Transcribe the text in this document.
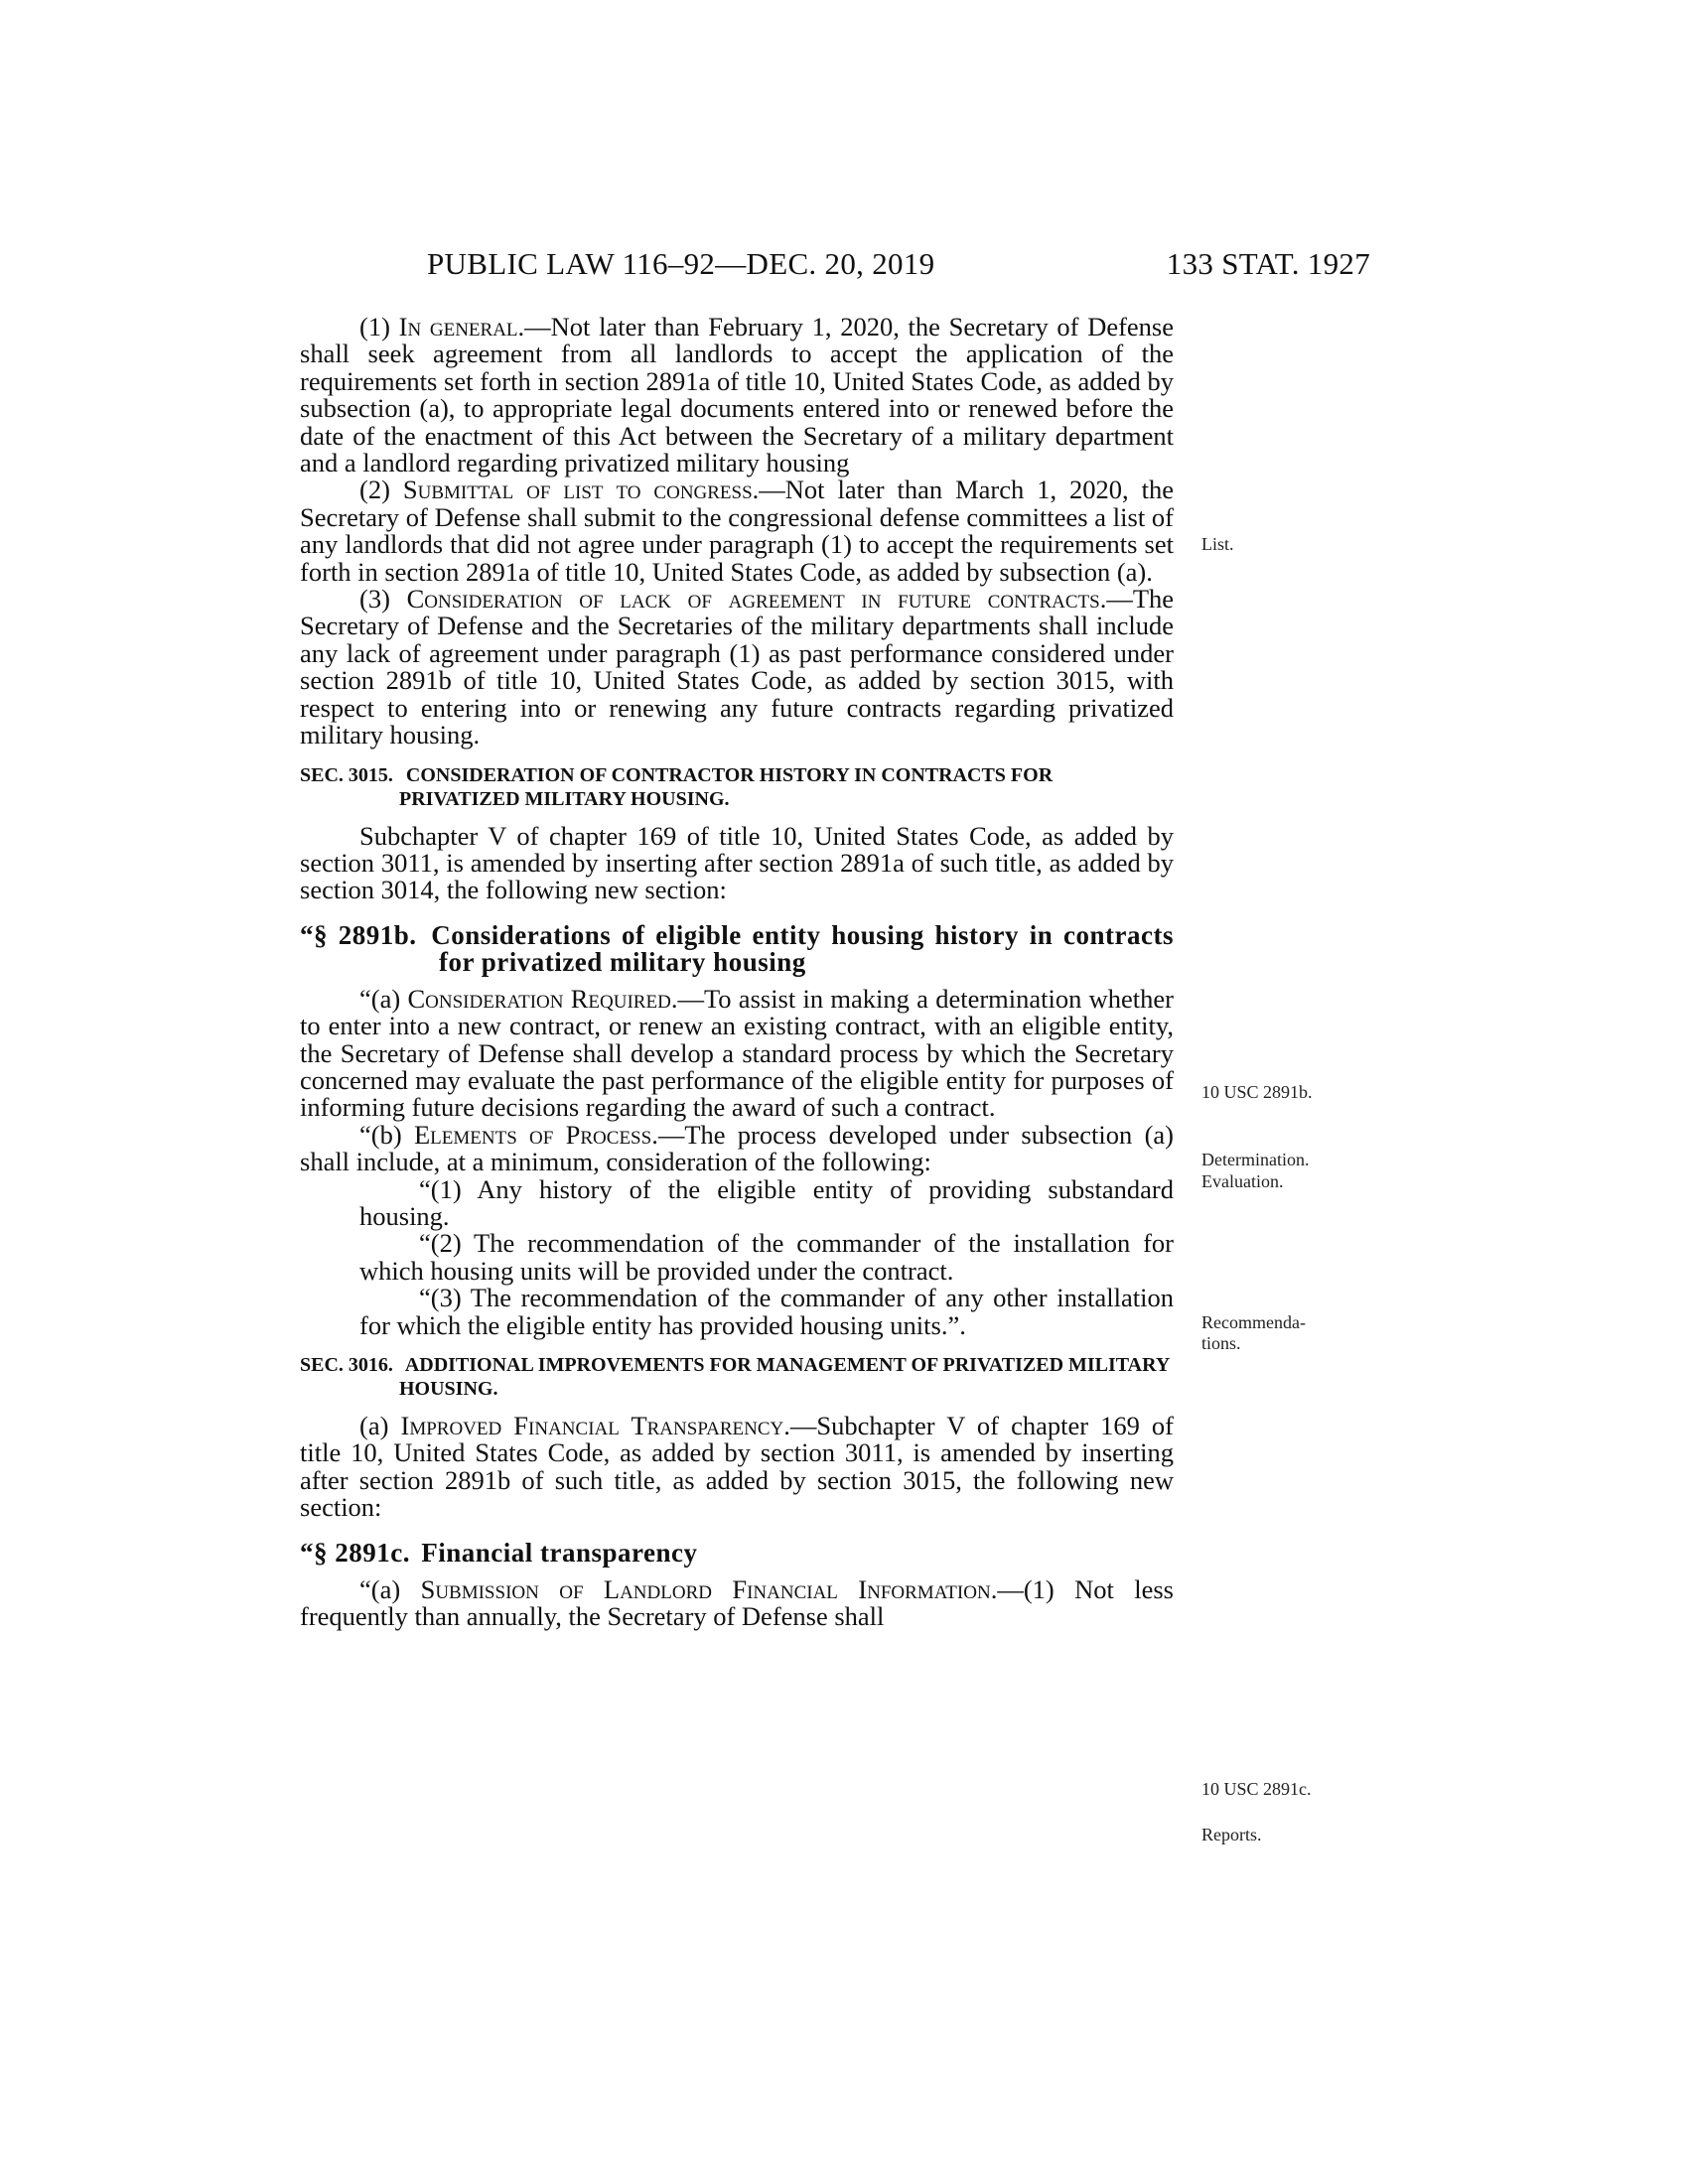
PUBLIC LAW 116–92—DEC. 20, 2019	133 STAT. 1927
List.
10 USC 2891b.
Determination.
Evaluation.
Recommenda-
tions.
10 USC 2891c.
Reports.

(1) In general.—Not later than February 1, 2020, the Secretary of Defense shall seek agreement from all landlords to accept the application of the requirements set forth in section 2891a of title 10, United States Code, as added by subsection (a), to appropriate legal documents entered into or renewed before the date of the enactment of this Act between the Secretary of a military department and a landlord regarding privatized military housing

(2) Submittal of list to congress.—Not later than March 1, 2020, the Secretary of Defense shall submit to the congressional defense committees a list of any landlords that did not agree under paragraph (1) to accept the requirements set forth in section 2891a of title 10, United States Code, as added by subsection (a).

(3) Consideration of lack of agreement in future contracts.—The Secretary of Defense and the Secretaries of the military departments shall include any lack of agreement under paragraph (1) as past performance considered under section 2891b of title 10, United States Code, as added by section 3015, with respect to entering into or renewing any future contracts regarding privatized military housing.

SEC. 3015. CONSIDERATION OF CONTRACTOR HISTORY IN CONTRACTS FOR PRIVATIZED MILITARY HOUSING.

Subchapter V of chapter 169 of title 10, United States Code, as added by section 3011, is amended by inserting after section 2891a of such title, as added by section 3014, the following new section:

“§ 2891b. Considerations of eligible entity housing history in contracts for privatized military housing

“(a) Consideration Required.—To assist in making a determination whether to enter into a new contract, or renew an existing contract, with an eligible entity, the Secretary of Defense shall develop a standard process by which the Secretary concerned may evaluate the past performance of the eligible entity for purposes of informing future decisions regarding the award of such a contract.

“(b) Elements of Process.—The process developed under subsection (a) shall include, at a minimum, consideration of the following:

“(1) Any history of the eligible entity of providing substandard housing.

“(2) The recommendation of the commander of the installation for which housing units will be provided under the contract.

“(3) The recommendation of the commander of any other installation for which the eligible entity has provided housing units.”.

SEC. 3016. ADDITIONAL IMPROVEMENTS FOR MANAGEMENT OF PRIVATIZED MILITARY HOUSING.

(a) Improved Financial Transparency.—Subchapter V of chapter 169 of title 10, United States Code, as added by section 3011, is amended by inserting after section 2891b of such title, as added by section 3015, the following new section:

“§ 2891c. Financial transparency

“(a) Submission of Landlord Financial Information.—(1) Not less frequently than annually, the Secretary of Defense shall
